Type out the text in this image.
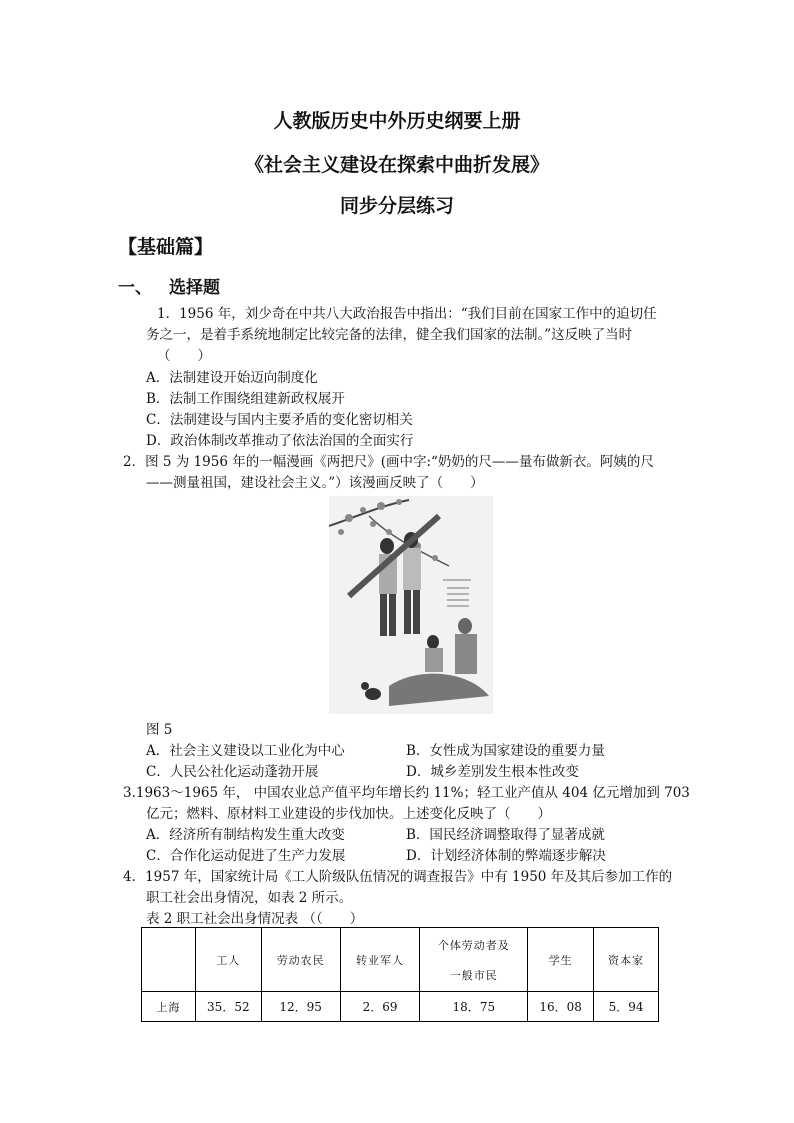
人教版历史中外历史纲要上册
《社会主义建设在探索中曲折发展》
同步分层练习
【基础篇】
一、 选择题
1．1956 年，刘少奇在中共八大政治报告中指出：“我们目前在国家工作中的迫切任
务之一，是着手系统地制定比较完备的法律，健全我们国家的法制。”这反映了当时
（　　）
A．法制建设开始迈向制度化
B．法制工作围绕组建新政权展开
C．法制建设与国内主要矛盾的变化密切相关
D．政治体制改革推动了依法治国的全面实行
2．图 5 为 1956 年的一幅漫画《两把尺》(画中字:“奶奶的尺——量布做新衣。阿姨的尺
——测量祖国，建设社会主义。”）该漫画反映了（　　）
图 5
A．社会主义建设以工业化为中心	B．女性成为国家建设的重要力量
C．人民公社化运动蓬勃开展	D．城乡差别发生根本性改变
3.1963～1965 年， 中国农业总产值平均年增长约 11%；轻工业产值从 404 亿元增加到 703
亿元；燃料、原材料工业建设的步伐加快。上述变化反映了（　　）
A．经济所有制结构发生重大改变	B．国民经济调整取得了显著成就
C．合作化运动促进了生产力发展	D．计划经济体制的弊端逐步解决
4．1957 年，国家统计局《工人阶级队伍情况的调查报告》中有 1950 年及其后参加工作的
职工社会出身情况，如表 2 所示。
表 2 职工社会出身情况表 （（　　）
	工人	劳动农民	转业军人	个体劳动者及
一般市民	学生	资本家
上海	35．52	12．95	2．69	18．75	16．08	5．94
